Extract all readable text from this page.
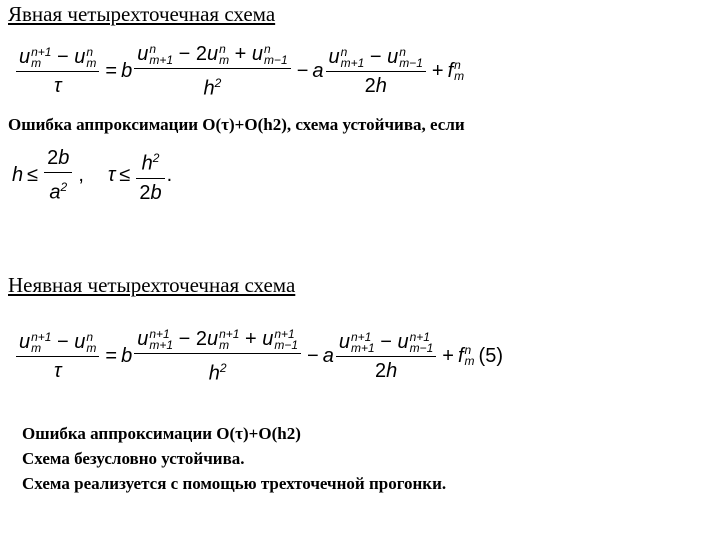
Явная четырехточечная схема
u n+1
m − u n
m
τ = b u n
m+1 − 2u n
m + u n
m−1
$h^2 - a$ u n
m+1 − u n
m−1
2h + f n
m
Ошибка аппроксимации O(τ)+O(h2), схема устойчива, если
$h \le \frac{2b}{a^2}$ , $\tau \le \frac{h^2}{2b}$ .
Неявная четырехточечная схема
u n+1
m − u n
m
τ = b u n+1
m+1 − 2u n+1
m + u n+1
m−1
$h^2 - a$ u n+1
m+1 − u n+1
m−1
2h + f n
m (5)
Ошибка аппроксимации O(τ)+O(h2)
Схема безусловно устойчива.
Схема реализуется с помощью трехточечной прогонки.
